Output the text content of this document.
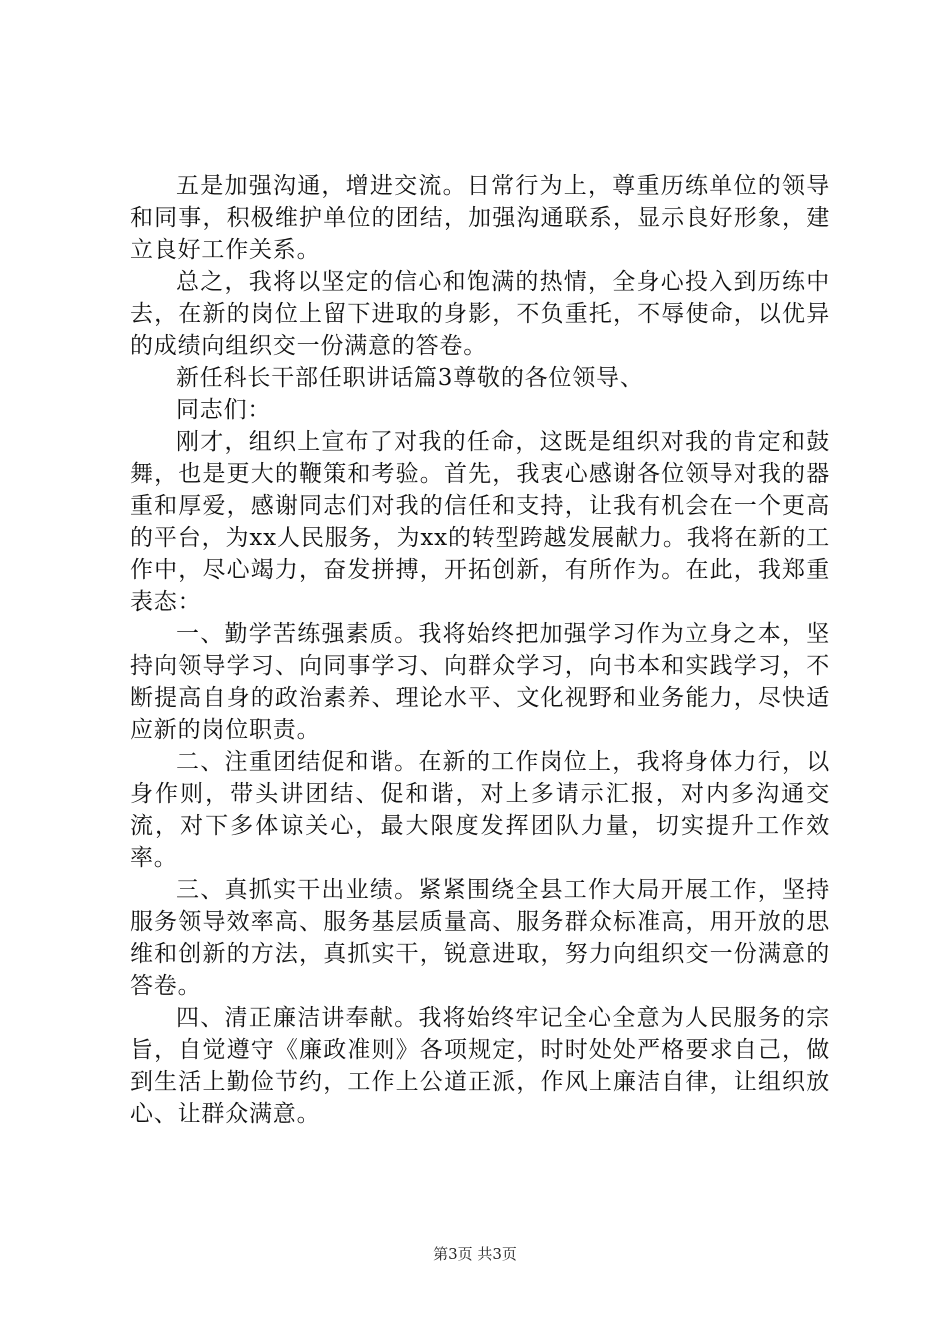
五是加强沟通，增进交流。日常行为上，尊重历练单位的领导和同事，积极维护单位的团结，加强沟通联系，显示良好形象，建立良好工作关系。

总之，我将以坚定的信心和饱满的热情，全身心投入到历练中去，在新的岗位上留下进取的身影，不负重托，不辱使命，以优异的成绩向组织交一份满意的答卷。

新任科长干部任职讲话篇3尊敬的各位领导、

同志们：

刚才，组织上宣布了对我的任命，这既是组织对我的肯定和鼓舞，也是更大的鞭策和考验。首先，我衷心感谢各位领导对我的器重和厚爱，感谢同志们对我的信任和支持，让我有机会在一个更高的平台，为xx人民服务，为xx的转型跨越发展献力。我将在新的工作中，尽心竭力，奋发拼搏，开拓创新，有所作为。在此，我郑重表态：

一、勤学苦练强素质。我将始终把加强学习作为立身之本，坚持向领导学习、向同事学习、向群众学习，向书本和实践学习，不断提高自身的政治素养、理论水平、文化视野和业务能力，尽快适应新的岗位职责。

二、注重团结促和谐。在新的工作岗位上，我将身体力行，以身作则，带头讲团结、促和谐，对上多请示汇报，对内多沟通交流，对下多体谅关心，最大限度发挥团队力量，切实提升工作效率。

三、真抓实干出业绩。紧紧围绕全县工作大局开展工作，坚持服务领导效率高、服务基层质量高、服务群众标准高，用开放的思维和创新的方法，真抓实干，锐意进取，努力向组织交一份满意的答卷。

四、清正廉洁讲奉献。我将始终牢记全心全意为人民服务的宗旨，自觉遵守《廉政准则》各项规定，时时处处严格要求自己，做到生活上勤俭节约，工作上公道正派，作风上廉洁自律，让组织放心、让群众满意。

第3页 共3页
